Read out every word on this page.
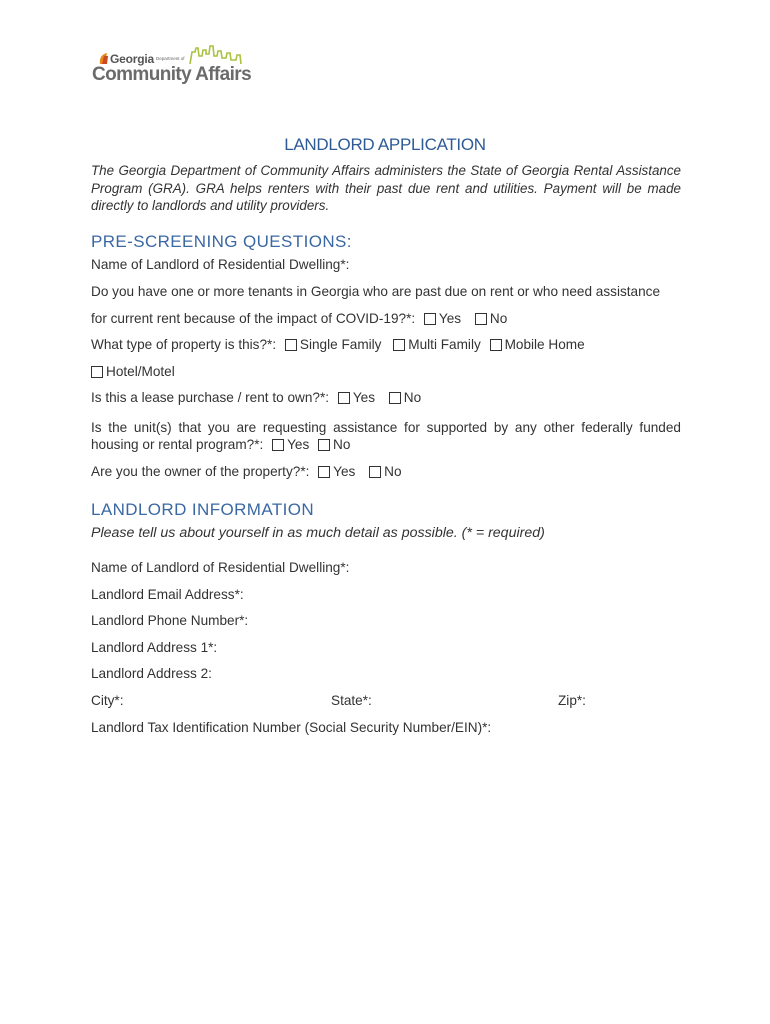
Georgia Department of
Community Affairs
LANDLORD APPLICATION
The Georgia Department of Community Affairs administers the State of Georgia Rental Assistance Program (GRA). GRA helps renters with their past due rent and utilities. Payment will be made directly to landlords and utility providers.
PRE-SCREENING QUESTIONS:
Name of Landlord of Residential Dwelling*:
Do you have one or more tenants in Georgia who are past due on rent or who need assistance
for current rent because of the impact of COVID-19?*: Yes No
What type of property is this?*: Single Family Multi Family Mobile Home
Hotel/Motel
Is this a lease purchase / rent to own?*: Yes No
Is the unit(s) that you are requesting assistance for supported by any other federally funded housing or rental program?*: Yes No
Are you the owner of the property?*: Yes No
LANDLORD INFORMATION
Please tell us about yourself in as much detail as possible. (* = required)
Name of Landlord of Residential Dwelling*:
Landlord Email Address*:
Landlord Phone Number*:
Landlord Address 1*:
Landlord Address 2:
City*:	State*:	Zip*:
Landlord Tax Identification Number (Social Security Number/EIN)*:
